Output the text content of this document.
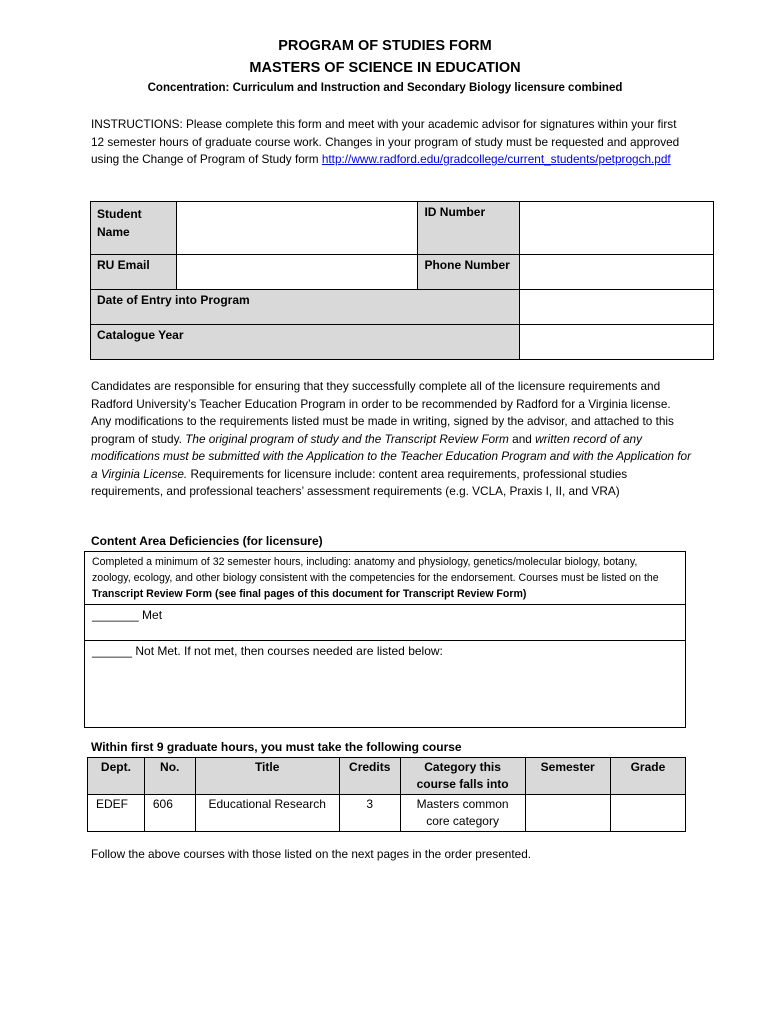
PROGRAM OF STUDIES FORM
MASTERS OF SCIENCE IN EDUCATION
Concentration: Curriculum and Instruction and Secondary Biology licensure combined
INSTRUCTIONS: Please complete this form and meet with your academic advisor for signatures within your first 12 semester hours of graduate course work. Changes in your program of study must be requested and approved using the Change of Program of Study form http://www.radford.edu/gradcollege/current_students/petprogch.pdf
Student Name		ID Number	
RU Email		Phone Number	
Date of Entry into Program			
Catalogue Year			
Candidates are responsible for ensuring that they successfully complete all of the licensure requirements and Radford University’s Teacher Education Program in order to be recommended by Radford for a Virginia license. Any modifications to the requirements listed must be made in writing, signed by the advisor, and attached to this program of study. The original program of study and the Transcript Review Form and written record of any modifications must be submitted with the Application to the Teacher Education Program and with the Application for a Virginia License. Requirements for licensure include: content area requirements, professional studies requirements, and professional teachers’ assessment requirements (e.g. VCLA, Praxis I, II, and VRA)
Content Area Deficiencies (for licensure)
Completed a minimum of 32 semester hours, including: anatomy and physiology, genetics/molecular biology, botany, zoology, ecology, and other biology consistent with the competencies for the endorsement. Courses must be listed on the Transcript Review Form (see final pages of this document for Transcript Review Form)
_______ Met
______ Not Met. If not met, then courses needed are listed below:
Within first 9 graduate hours, you must take the following course
Dept.	No.	Title	Credits	Category this course falls into	Semester	Grade
EDEF	606	Educational Research	3	Masters common core category		
Follow the above courses with those listed on the next pages in the order presented.
